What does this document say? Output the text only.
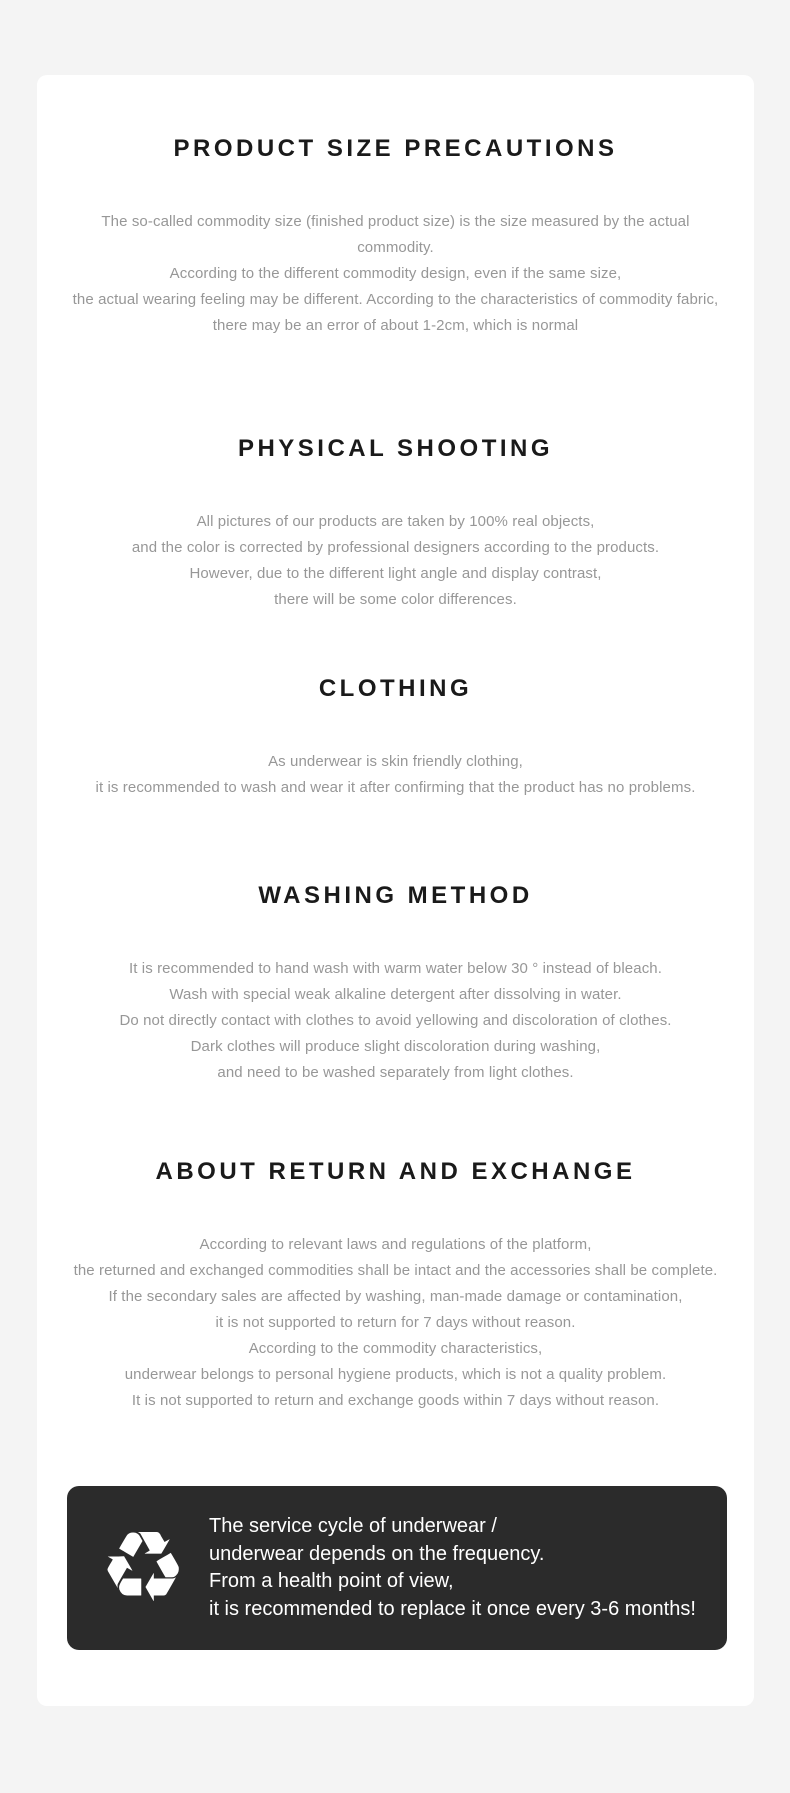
PRODUCT SIZE PRECAUTIONS

The so-called commodity size (finished product size) is the size measured by the actual commodity.
According to the different commodity design, even if the same size,
the actual wearing feeling may be different. According to the characteristics of commodity fabric,
there may be an error of about 1-2cm, which is normal

PHYSICAL SHOOTING

All pictures of our products are taken by 100% real objects,
and the color is corrected by professional designers according to the products.
However, due to the different light angle and display contrast,
there will be some color differences.

CLOTHING

As underwear is skin friendly clothing,
it is recommended to wash and wear it after confirming that the product has no problems.

WASHING METHOD

It is recommended to hand wash with warm water below 30 ° instead of bleach.
Wash with special weak alkaline detergent after dissolving in water.
Do not directly contact with clothes to avoid yellowing and discoloration of clothes.
Dark clothes will produce slight discoloration during washing,
and need to be washed separately from light clothes.

ABOUT RETURN AND EXCHANGE

According to relevant laws and regulations of the platform,
the returned and exchanged commodities shall be intact and the accessories shall be complete.
If the secondary sales are affected by washing, man-made damage or contamination,
it is not supported to return for 7 days without reason.
According to the commodity characteristics,
underwear belongs to personal hygiene products, which is not a quality problem.
It is not supported to return and exchange goods within 7 days without reason.

♻	The service cycle of underwear /
underwear depends on the frequency.
From a health point of view,
it is recommended to replace it once every 3-6 months!
